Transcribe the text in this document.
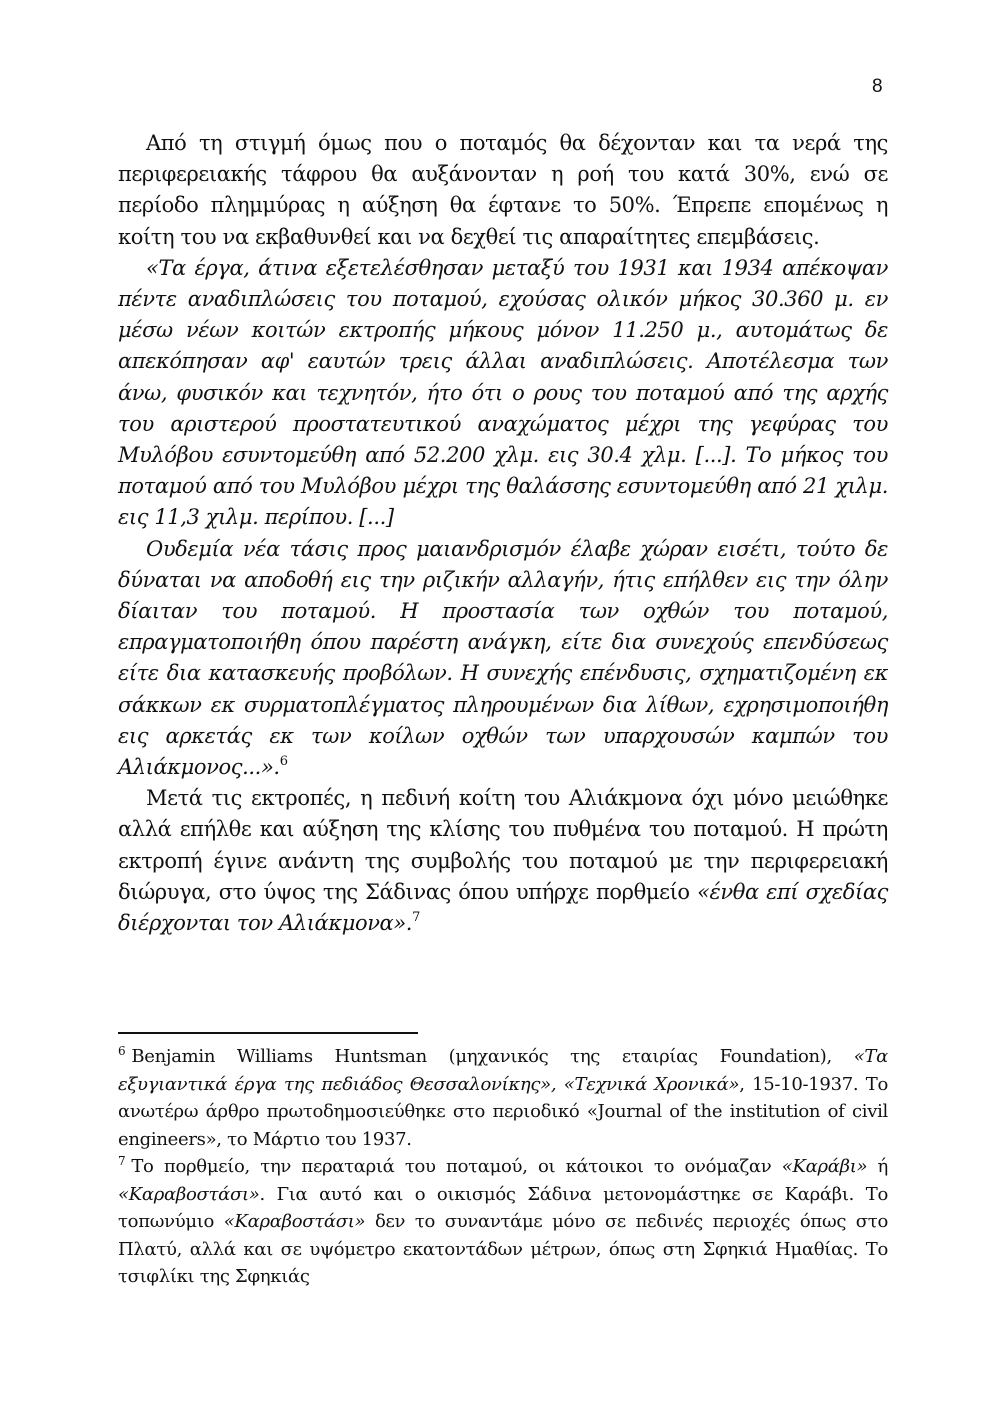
8

Από τη στιγμή όμως που ο ποταμός θα δέχονταν και τα νερά της περιφερειακής τάφρου θα αυξάνονταν η ροή του κατά 30%, ενώ σε περίοδο πλημμύρας η αύξηση θα έφτανε το 50%. Έπρεπε επομένως η κοίτη του να εκβαθυνθεί και να δεχθεί τις απαραίτητες επεμβάσεις.

«Τα έργα, άτινα εξετελέσθησαν μεταξύ του 1931 και 1934 απέκοψαν πέντε αναδιπλώσεις του ποταμού, εχούσας ολικόν μήκος 30.360 μ. εν μέσω νέων κοιτών εκτροπής μήκους μόνον 11.250 μ., αυτομάτως δε απεκόπησαν αφ' εαυτών τρεις άλλαι αναδιπλώσεις. Αποτέλεσμα των άνω, φυσικόν και τεχνητόν, ήτο ότι ο ρους του ποταμού από της αρχής του αριστερού προστατευτικού αναχώματος μέχρι της γεφύρας του Μυλόβου εσυντομεύθη από 52.200 χλμ. εις 30.4 χλμ. [...]. Το μήκος του ποταμού από του Μυλόβου μέχρι της θαλάσσης εσυντομεύθη από 21 χιλμ. εις 11,3 χιλμ. περίπου. [...]

Ουδεμία νέα τάσις προς μαιανδρισμόν έλαβε χώραν εισέτι, τούτο δε δύναται να αποδοθή εις την ριζικήν αλλαγήν, ήτις επήλθεν εις την όλην δίαιταν του ποταμού. Η προστασία των οχθών του ποταμού, επραγματοποιήθη όπου παρέστη ανάγκη, είτε δια συνεχούς επενδύσεως είτε δια κατασκευής προβόλων. Η συνεχής επένδυσις, σχηματιζομένη εκ σάκκων εκ συρματοπλέγματος πληρουμένων δια λίθων, εχρησιμοποιήθη εις αρκετάς εκ των κοίλων οχθών των υπαρχουσών καμπών του Αλιάκμονος...».$^6$

Μετά τις εκτροπές, η πεδινή κοίτη του Αλιάκμονα όχι μόνο μειώθηκε αλλά επήλθε και αύξηση της κλίσης του πυθμένα του ποταμού. Η πρώτη εκτροπή έγινε ανάντη της συμβολής του ποταμού με την περιφερειακή διώρυγα, στο ύψος της Σάδινας όπου υπήρχε πορθμείο «ένθα επί σχεδίας διέρχονται τον Αλιάκμονα».$^7$

$^6$ Benjamin Williams Huntsman (μηχανικός της εταιρίας Foundation), «Τα εξυγιαντικά έργα της πεδιάδος Θεσσαλονίκης», «Τεχνικά Χρονικά», 15-10-1937. Το ανωτέρω άρθρο πρωτοδημοσιεύθηκε στο περιοδικό «Journal of the institution of civil engineers», το Μάρτιο του 1937.

$^7$ Το πορθμείο, την περαταριά του ποταμού, οι κάτοικοι το ονόμαζαν «Καράβι» ή «Καραβοστάσι». Για αυτό και ο οικισμός Σάδινα μετονομάστηκε σε Καράβι. Το τοπωνύμιο «Καραβοστάσι» δεν το συναντάμε μόνο σε πεδινές περιοχές όπως στο Πλατύ, αλλά και σε υψόμετρο εκατοντάδων μέτρων, όπως στη Σφηκιά Ημαθίας. Το τσιφλίκι της Σφηκιάς
